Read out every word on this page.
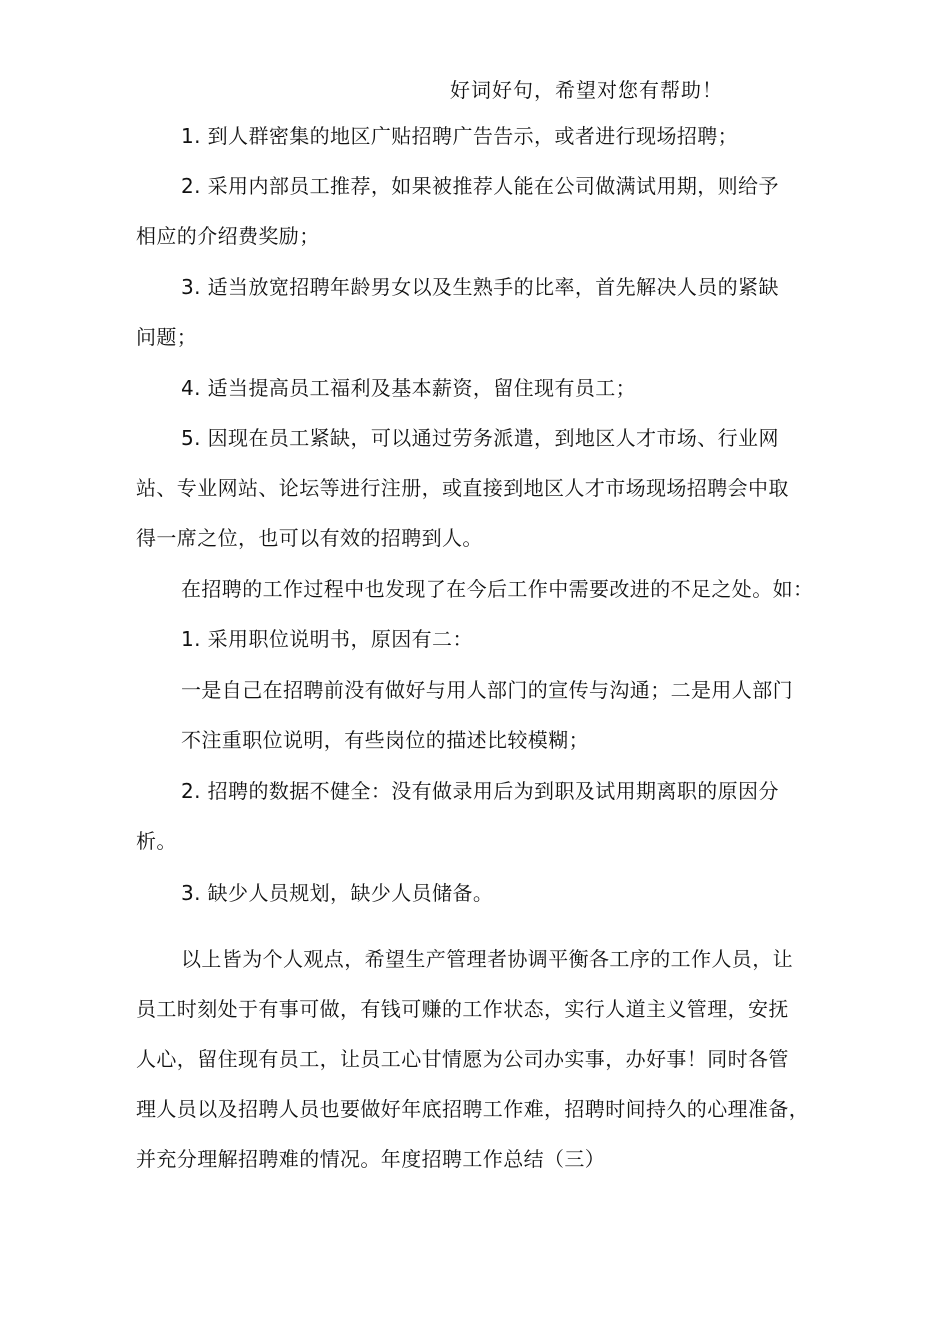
好词好句，希望对您有帮助！
1. 到人群密集的地区广贴招聘广告告示，或者进行现场招聘；
2. 采用内部员工推荐，如果被推荐人能在公司做满试用期，则给予
相应的介绍费奖励；
3. 适当放宽招聘年龄男女以及生熟手的比率，首先解决人员的紧缺
问题；
4. 适当提高员工福利及基本薪资，留住现有员工；
5. 因现在员工紧缺，可以通过劳务派遣，到地区人才市场、行业网
站、专业网站、论坛等进行注册，或直接到地区人才市场现场招聘会中取
得一席之位，也可以有效的招聘到人。
在招聘的工作过程中也发现了在今后工作中需要改进的不足之处。如：
1. 采用职位说明书，原因有二：
一是自己在招聘前没有做好与用人部门的宣传与沟通；二是用人部门
不注重职位说明，有些岗位的描述比较模糊；
2. 招聘的数据不健全：没有做录用后为到职及试用期离职的原因分
析。
3. 缺少人员规划，缺少人员储备。
以上皆为个人观点，希望生产管理者协调平衡各工序的工作人员，让
员工时刻处于有事可做，有钱可赚的工作状态，实行人道主义管理，安抚
人心，留住现有员工，让员工心甘情愿为公司办实事，办好事！同时各管
理人员以及招聘人员也要做好年底招聘工作难，招聘时间持久的心理准备，
并充分理解招聘难的情况。年度招聘工作总结（三）
